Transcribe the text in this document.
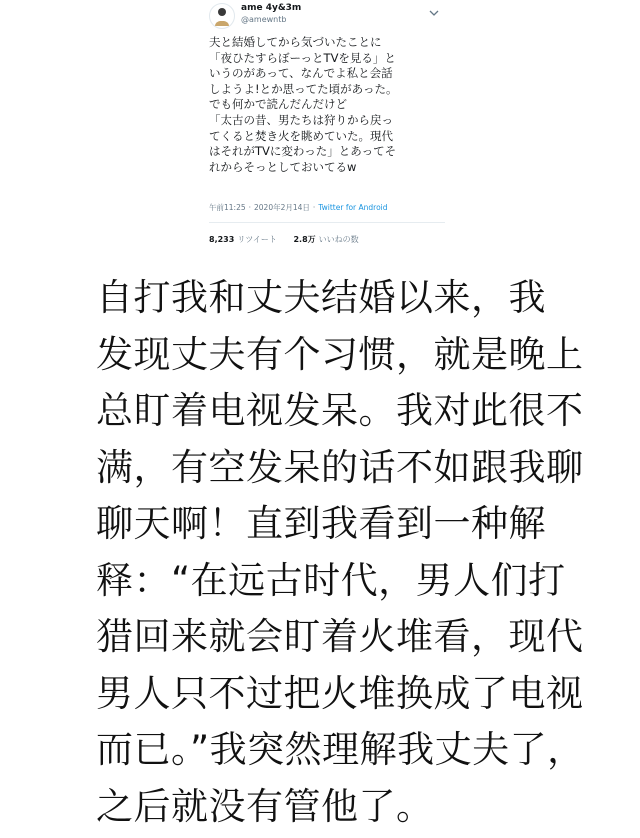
ame 4y&3m
@amewntb
夫と結婚してから気づいたことに
「夜ひたすらぼーっとTVを見る」と
いうのがあって、なんでよ私と会話
しようよ!とか思ってた頃があった。
でも何かで読んだんだけど
「太古の昔、男たちは狩りから戻っ
てくると焚き火を眺めていた。現代
はそれがTVに変わった」とあってそ
れからそっとしておいてるw
午前11:25 · 2020年2月14日 · Twitter for Android
8,233 リツイート 2.8万 いいねの数
自打我和丈夫结婚以来，我
发现丈夫有个习惯，就是晚上
总盯着电视发呆。我对此很不
满，有空发呆的话不如跟我聊
聊天啊！直到我看到一种解
释：“在远古时代，男人们打
猎回来就会盯着火堆看，现代
男人只不过把火堆换成了电视
而已。”我突然理解我丈夫了，
之后就没有管他了。
